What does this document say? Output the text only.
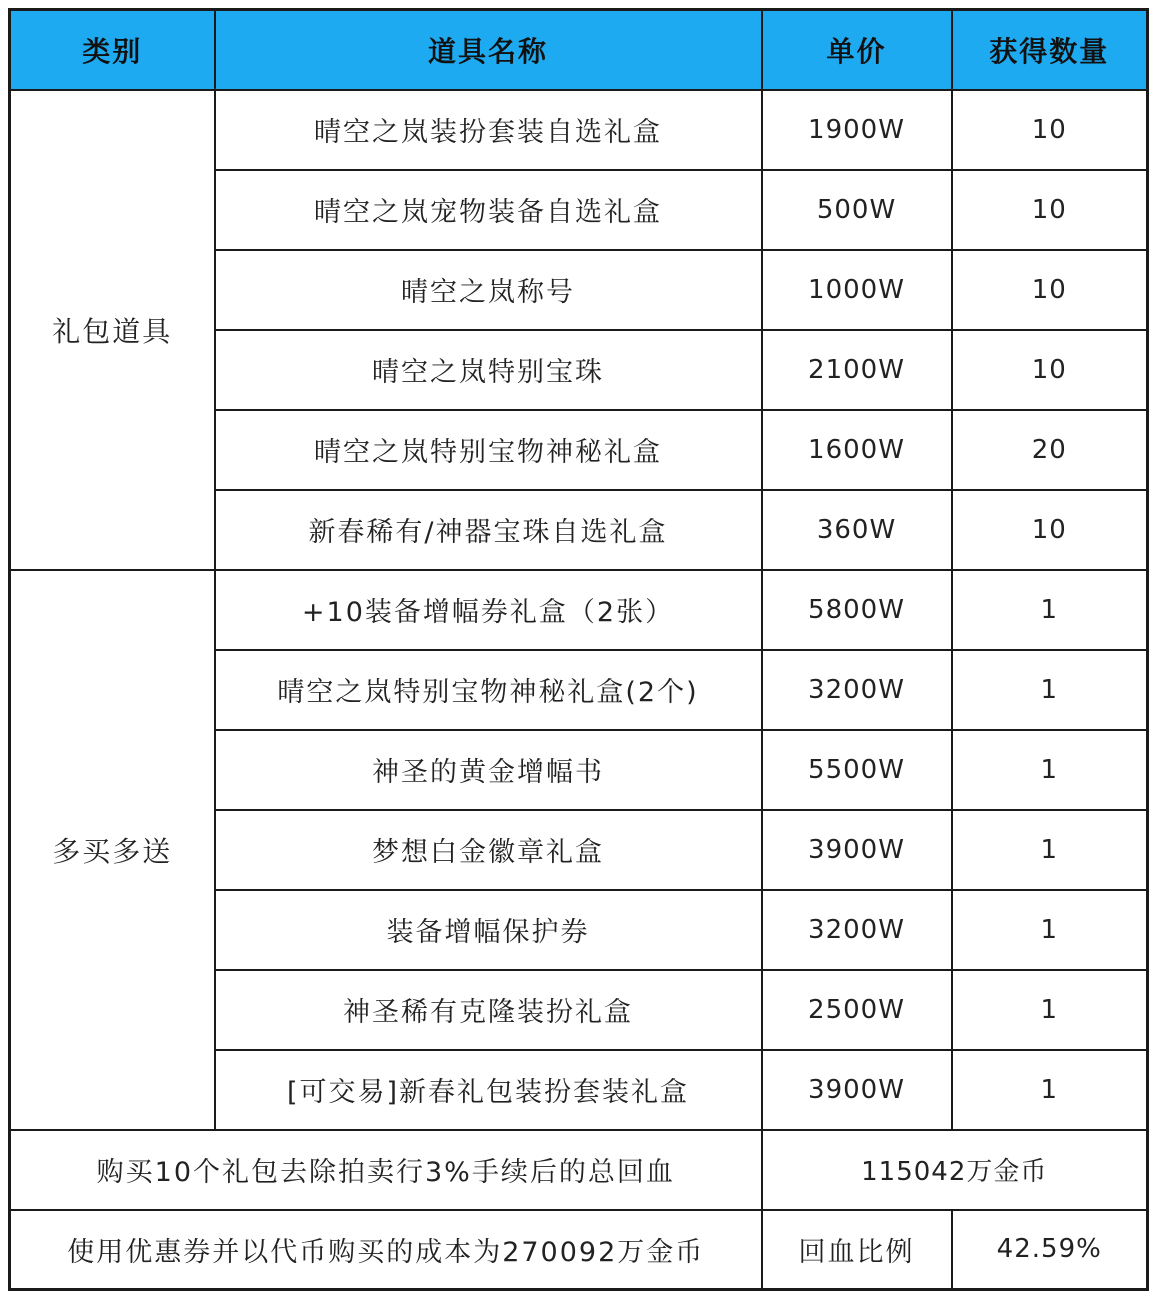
类别	道具名称	单价	获得数量
礼包道具	晴空之岚装扮套装自选礼盒	1900W	10
	晴空之岚宠物装备自选礼盒	500W	10
	晴空之岚称号	1000W	10
	晴空之岚特别宝珠	2100W	10
	晴空之岚特别宝物神秘礼盒	1600W	20
	新春稀有/神器宝珠自选礼盒	360W	10
多买多送	+10装备增幅券礼盒（2张）	5800W	1
	晴空之岚特别宝物神秘礼盒(2个)	3200W	1
	神圣的黄金增幅书	5500W	1
	梦想白金徽章礼盒	3900W	1
	装备增幅保护券	3200W	1
	神圣稀有克隆装扮礼盒	2500W	1
	[可交易]新春礼包装扮套装礼盒	3900W	1
购买10个礼包去除拍卖行3%手续后的总回血		115042万金币	
使用优惠券并以代币购买的成本为270092万金币		回血比例	42.59%
